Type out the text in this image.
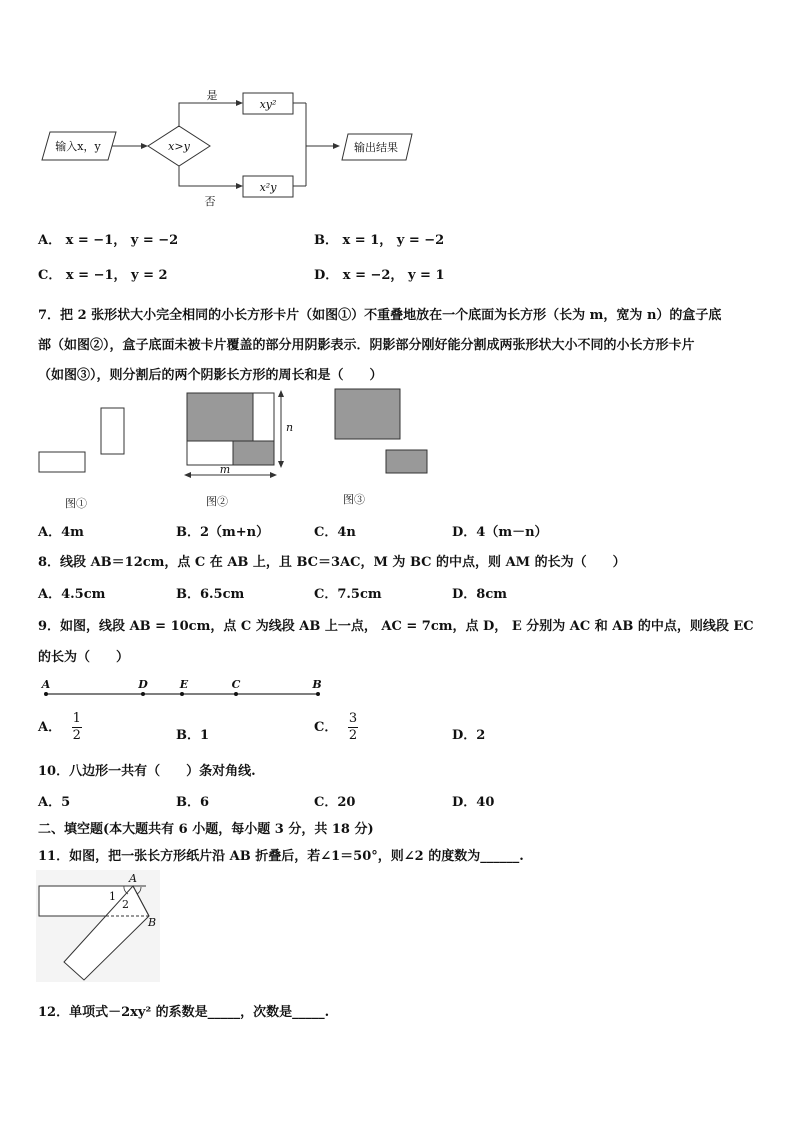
输入x，y	x>y
是
xy²
否
x²y
输出结果
A． x = −1， y = −2	B． x = 1， y = −2
C． x = −1， y = 2	D． x = −2， y = 1
7．把 2 张形状大小完全相同的小长方形卡片（如图①）不重叠地放在一个底面为长方形（长为 m，宽为 n）的盒子底
部（如图②），盒子底面未被卡片覆盖的部分用阴影表示．阴影部分刚好能分割成两张形状大小不同的小长方形卡片
（如图③），则分割后的两个阴影长方形的周长和是（　　）
图①
n
m
图②	图③
A．4m	B．2（m+n）	C．4n	D．4（m－n）
8．线段 AB＝12cm，点 C 在 AB 上，且 BC＝3AC，M 为 BC 的中点，则 AM 的长为（　　）
A．4.5cm	B．6.5cm	C．7.5cm	D．8cm
9．如图，线段 AB = 10cm，点 C 为线段 AB 上一点， AC = 7cm，点 D， E 分别为 AC 和 AB 的中点，则线段 EC
的长为（　　）
A	D	E	C	B
A． $\frac{1}{2}$	B．1
C． $\frac{3}{2}$	D．2
10．八边形一共有（　　）条对角线.
A．5	B．6	C．20	D．40
二、填空题(本大题共有 6 小题，每小题 3 分，共 18 分)
11．如图，把一张长方形纸片沿 AB 折叠后，若∠1＝50°，则∠2 的度数为______.
A
B
1
2
12．单项式－2xy² 的系数是_____，次数是_____.
